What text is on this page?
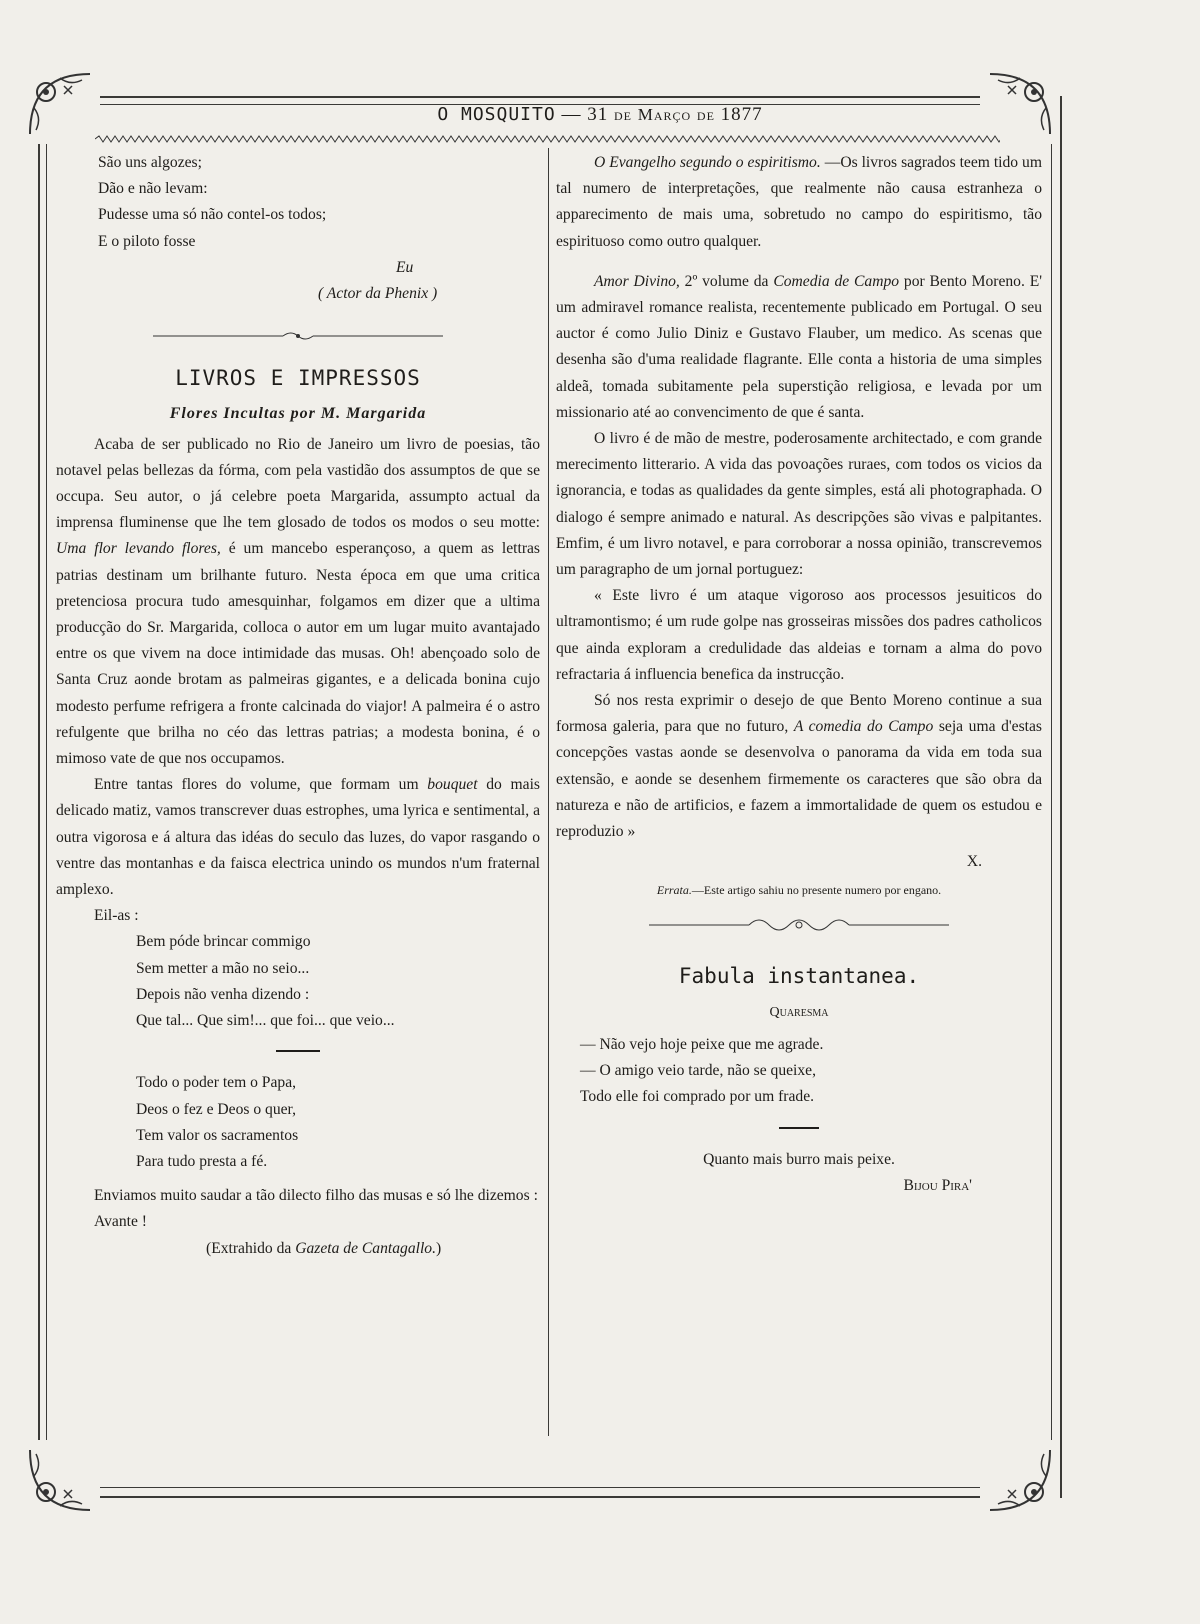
O MOSQUITO — 31 de Março de 1877

São uns algozes;

Dão e não levam:

Pudesse uma só não contel-os todos;

E o piloto fosse

Eu

( Actor da Phenix )

LIVROS E IMPRESSOS
Flores Incultas por M. Margarida

Acaba de ser publicado no Rio de Janeiro um livro de poesias, tão notavel pelas bellezas da fórma, com pela vastidão dos assumptos de que se occupa. Seu autor, o já celebre poeta Margarida, assumpto actual da imprensa fluminense que lhe tem glosado de todos os modos o seu motte: Uma flor levando flores, é um mancebo esperançoso, a quem as lettras patrias destinam um brilhante futuro. Nesta época em que uma critica pretenciosa procura tudo amesquinhar, folgamos em dizer que a ultima producção do Sr. Margarida, colloca o autor em um lugar muito avantajado entre os que vivem na doce intimidade das musas. Oh! abençoado solo de Santa Cruz aonde brotam as palmeiras gigantes, e a delicada bonina cujo modesto perfume refrigera a fronte calcinada do viajor! A palmeira é o astro refulgente que brilha no céo das lettras patrias; a modesta bonina, é o mimoso vate de que nos occupamos.

Entre tantas flores do volume, que formam um bouquet do mais delicado matiz, vamos transcrever duas estrophes, uma lyrica e sentimental, a outra vigorosa e á altura das idéas do seculo das luzes, do vapor rasgando o ventre das montanhas e da faisca electrica unindo os mundos n'um fraternal amplexo.

Eil-as :

Bem póde brincar commigo

Sem metter a mão no seio...

Depois não venha dizendo :

Que tal... Que sim!... que foi... que veio...

Todo o poder tem o Papa,

Deos o fez e Deos o quer,

Tem valor os sacramentos

Para tudo presta a fé.

Enviamos muito saudar a tão dilecto filho das musas e só lhe dizemos :

Avante !

(Extrahido da Gazeta de Cantagallo.)

O Evangelho segundo o espiritismo. —Os livros sagrados teem tido um tal numero de interpretações, que realmente não causa estranheza o apparecimento de mais uma, sobretudo no campo do espiritismo, tão espirituoso como outro qualquer.

Amor Divino, 2º volume da Comedia de Campo por Bento Moreno. E' um admiravel romance realista, recentemente publicado em Portugal. O seu auctor é como Julio Diniz e Gustavo Flauber, um medico. As scenas que desenha são d'uma realidade flagrante. Elle conta a historia de uma simples aldeã, tomada subitamente pela superstição religiosa, e levada por um missionario até ao convencimento de que é santa.

O livro é de mão de mestre, poderosamente architectado, e com grande merecimento litterario. A vida das povoações ruraes, com todos os vicios da ignorancia, e todas as qualidades da gente simples, está ali photographada. O dialogo é sempre animado e natural. As descripções são vivas e palpitantes. Emfim, é um livro notavel, e para corroborar a nossa opinião, transcrevemos um paragrapho de um jornal portuguez:

« Este livro é um ataque vigoroso aos processos jesuiticos do ultramontismo; é um rude golpe nas grosseiras missões dos padres catholicos que ainda exploram a credulidade das aldeias e tornam a alma do povo refractaria á influencia benefica da instrucção.

Só nos resta exprimir o desejo de que Bento Moreno continue a sua formosa galeria, para que no futuro, A comedia do Campo seja uma d'estas concepções vastas aonde se desenvolva o panorama da vida em toda sua extensão, e aonde se desenhem firmemente os caracteres que são obra da natureza e não de artificios, e fazem a immortalidade de quem os estudou e reproduzio »

X.

Errata.—Este artigo sahiu no presente numero por engano.

Fabula instantanea.

Quaresma

— Não vejo hoje peixe que me agrade.

— O amigo veio tarde, não se queixe,

Todo elle foi comprado por um frade.

Quanto mais burro mais peixe.

Bijou Pira'
